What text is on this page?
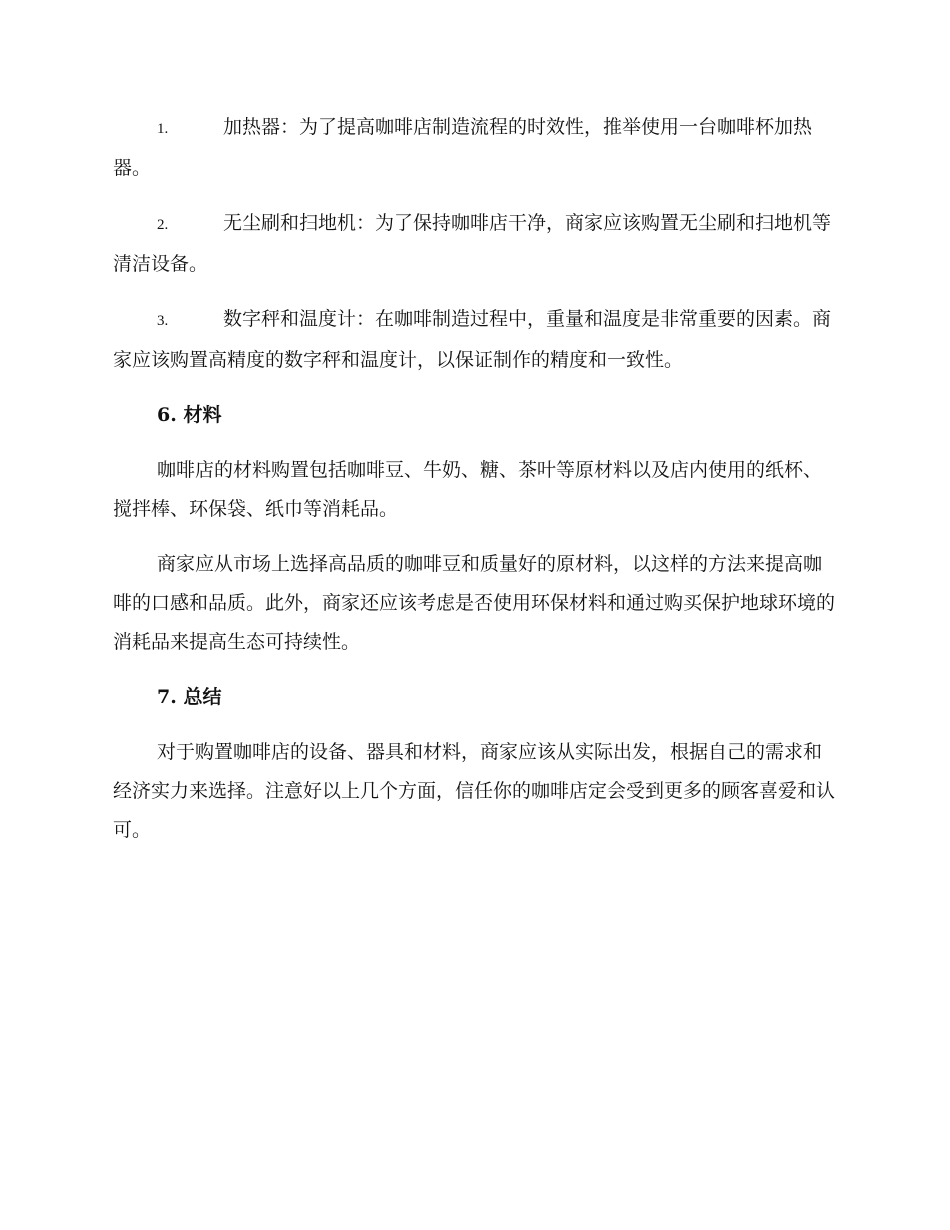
1.	加热器：为了提高咖啡店制造流程的时效性，推举使用一台咖啡杯加热器。

2.	无尘刷和扫地机：为了保持咖啡店干净，商家应该购置无尘刷和扫地机等清洁设备。

3.	数字秤和温度计：在咖啡制造过程中，重量和温度是非常重要的因素。商家应该购置高精度的数字秤和温度计，以保证制作的精度和一致性。

6. 材料

咖啡店的材料购置包括咖啡豆、牛奶、糖、茶叶等原材料以及店内使用的纸杯、搅拌棒、环保袋、纸巾等消耗品。

商家应从市场上选择高品质的咖啡豆和质量好的原材料，以这样的方法来提高咖啡的口感和品质。此外，商家还应该考虑是否使用环保材料和通过购买保护地球环境的消耗品来提高生态可持续性。

7. 总结

对于购置咖啡店的设备、器具和材料，商家应该从实际出发，根据自己的需求和经济实力来选择。注意好以上几个方面，信任你的咖啡店定会受到更多的顾客喜爱和认可。
